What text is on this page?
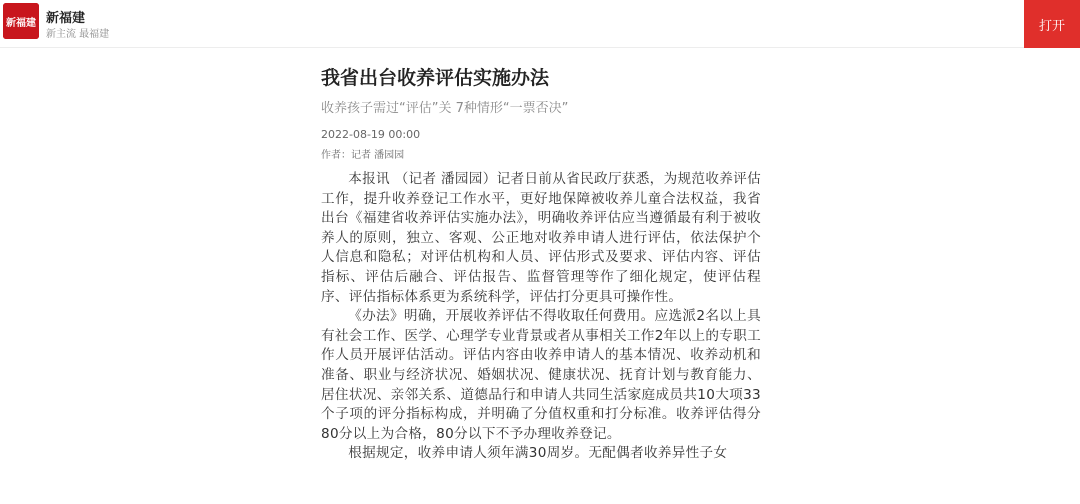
新福建 新福建
新主流 最福建
打开
我省出台收养评估实施办法
收养孩子需过“评估”关 7种情形“一票否决”
2022-08-19 00:00
作者：记者 潘园园

本报讯 （记者 潘园园）记者日前从省民政厅获悉，为规范收养评估工作，提升收养登记工作水平，更好地保障被收养儿童合法权益，我省出台《福建省收养评估实施办法》，明确收养评估应当遵循最有利于被收养人的原则，独立、客观、公正地对收养申请人进行评估，依法保护个人信息和隐私；对评估机构和人员、评估形式及要求、评估内容、评估指标、评估后融合、评估报告、监督管理等作了细化规定，使评估程序、评估指标体系更为系统科学，评估打分更具可操作性。

《办法》明确，开展收养评估不得收取任何费用。应选派2名以上具有社会工作、医学、心理学专业背景或者从事相关工作2年以上的专职工作人员开展评估活动。评估内容由收养申请人的基本情况、收养动机和准备、职业与经济状况、婚姻状况、健康状况、抚育计划与教育能力、居住状况、亲邻关系、道德品行和申请人共同生活家庭成员共10大项33个子项的评分指标构成，并明确了分值权重和打分标准。收养评估得分80分以上为合格，80分以下不予办理收养登记。

根据规定，收养申请人须年满30周岁。无配偶者收养异性子女
